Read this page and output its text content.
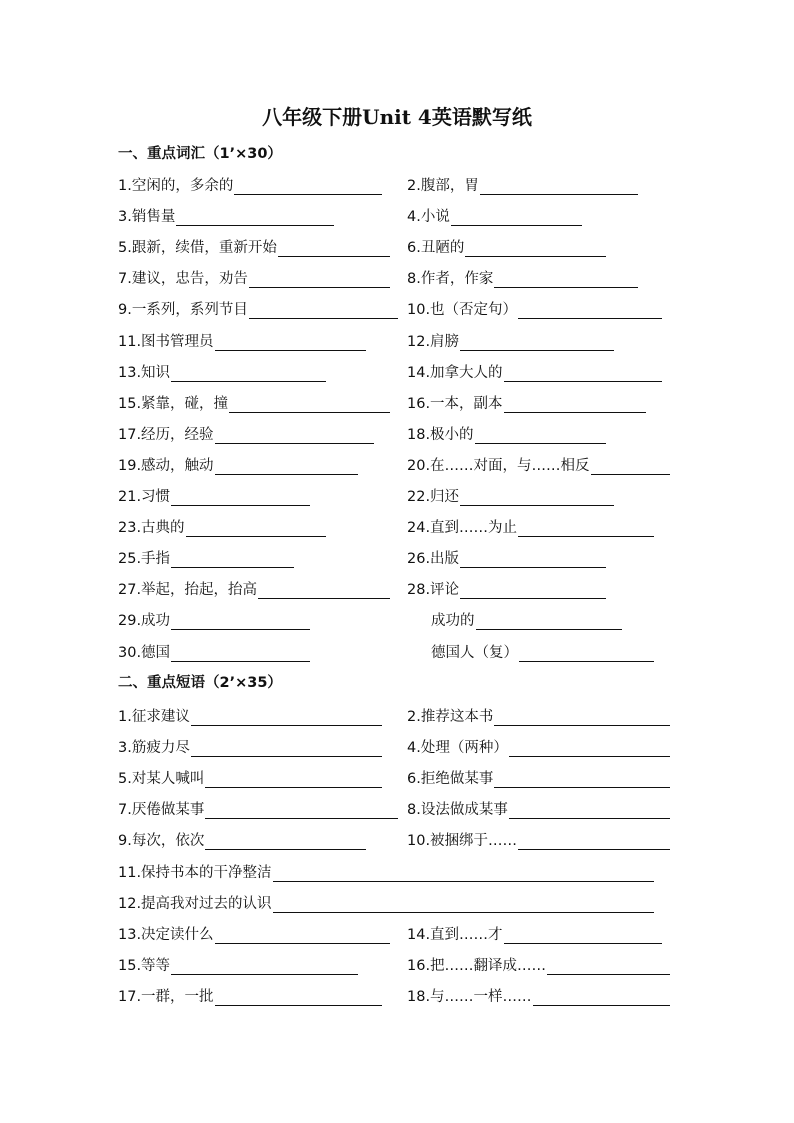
八年级下册Unit 4英语默写纸
一、重点词汇（1’×30）
1.空闲的，多余的	2.腹部，胃
3.销售量	4.小说
5.跟新，续借，重新开始	6.丑陋的
7.建议，忠告，劝告	8.作者，作家
9.一系列，系列节目	10.也（否定句）
11.图书管理员	12.肩膀
13.知识	14.加拿大人的
15.紧靠，碰，撞	16.一本，副本
17.经历，经验	18.极小的
19.感动，触动	20.在……对面，与……相反
21.习惯	22.归还
23.古典的	24.直到……为止
25.手指	26.出版
27.举起，抬起，抬高	28.评论
29.成功	成功的
30.德国	德国人（复）
二、重点短语（2’×35）
1.征求建议	2.推荐这本书
3.筋疲力尽	4.处理（两种）
5.对某人喊叫	6.拒绝做某事
7.厌倦做某事	8.设法做成某事
9.每次，依次	10.被捆绑于……
11.保持书本的干净整洁
12.提高我对过去的认识
13.决定读什么	14.直到……才
15.等等	16.把……翻译成……
17.一群，一批	18.与……一样……
